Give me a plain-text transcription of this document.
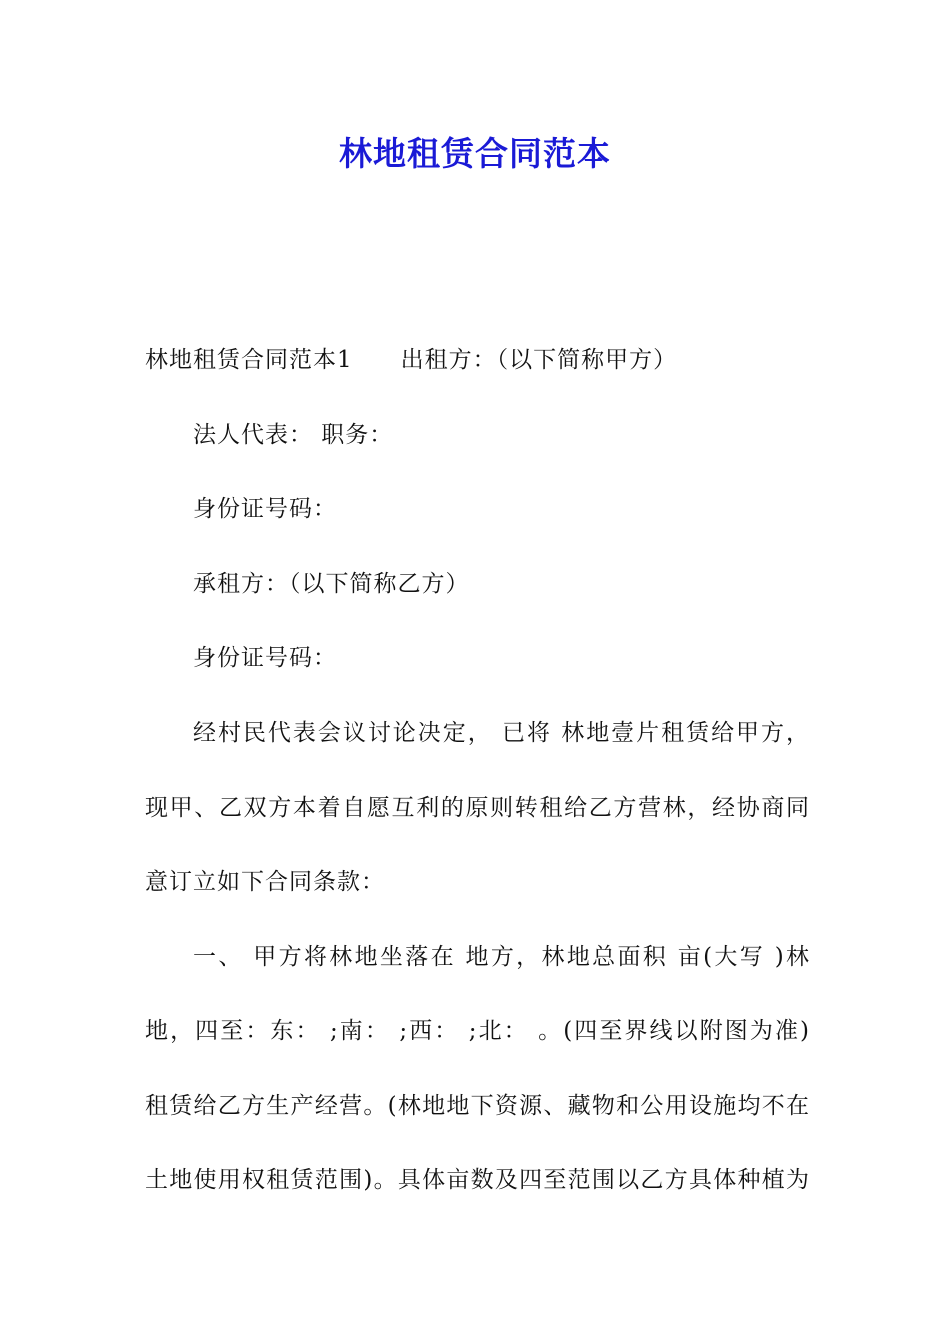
林地租赁合同范本

林地租赁合同范本1 出租方：（以下简称甲方）

法人代表： 职务：

身份证号码：

承租方：（以下简称乙方）

身份证号码：

经村民代表会议讨论决定， 已将 林地壹片租赁给甲方，

现甲、乙双方本着自愿互利的原则转租给乙方营林，经协商同

意订立如下合同条款：

一、 甲方将林地坐落在 地方，林地总面积 亩(大写 )林

地，四至：东： ;南： ;西： ;北： 。(四至界线以附图为准)

租赁给乙方生产经营。(林地地下资源、藏物和公用设施均不在

土地使用权租赁范围)。具体亩数及四至范围以乙方具体种植为
